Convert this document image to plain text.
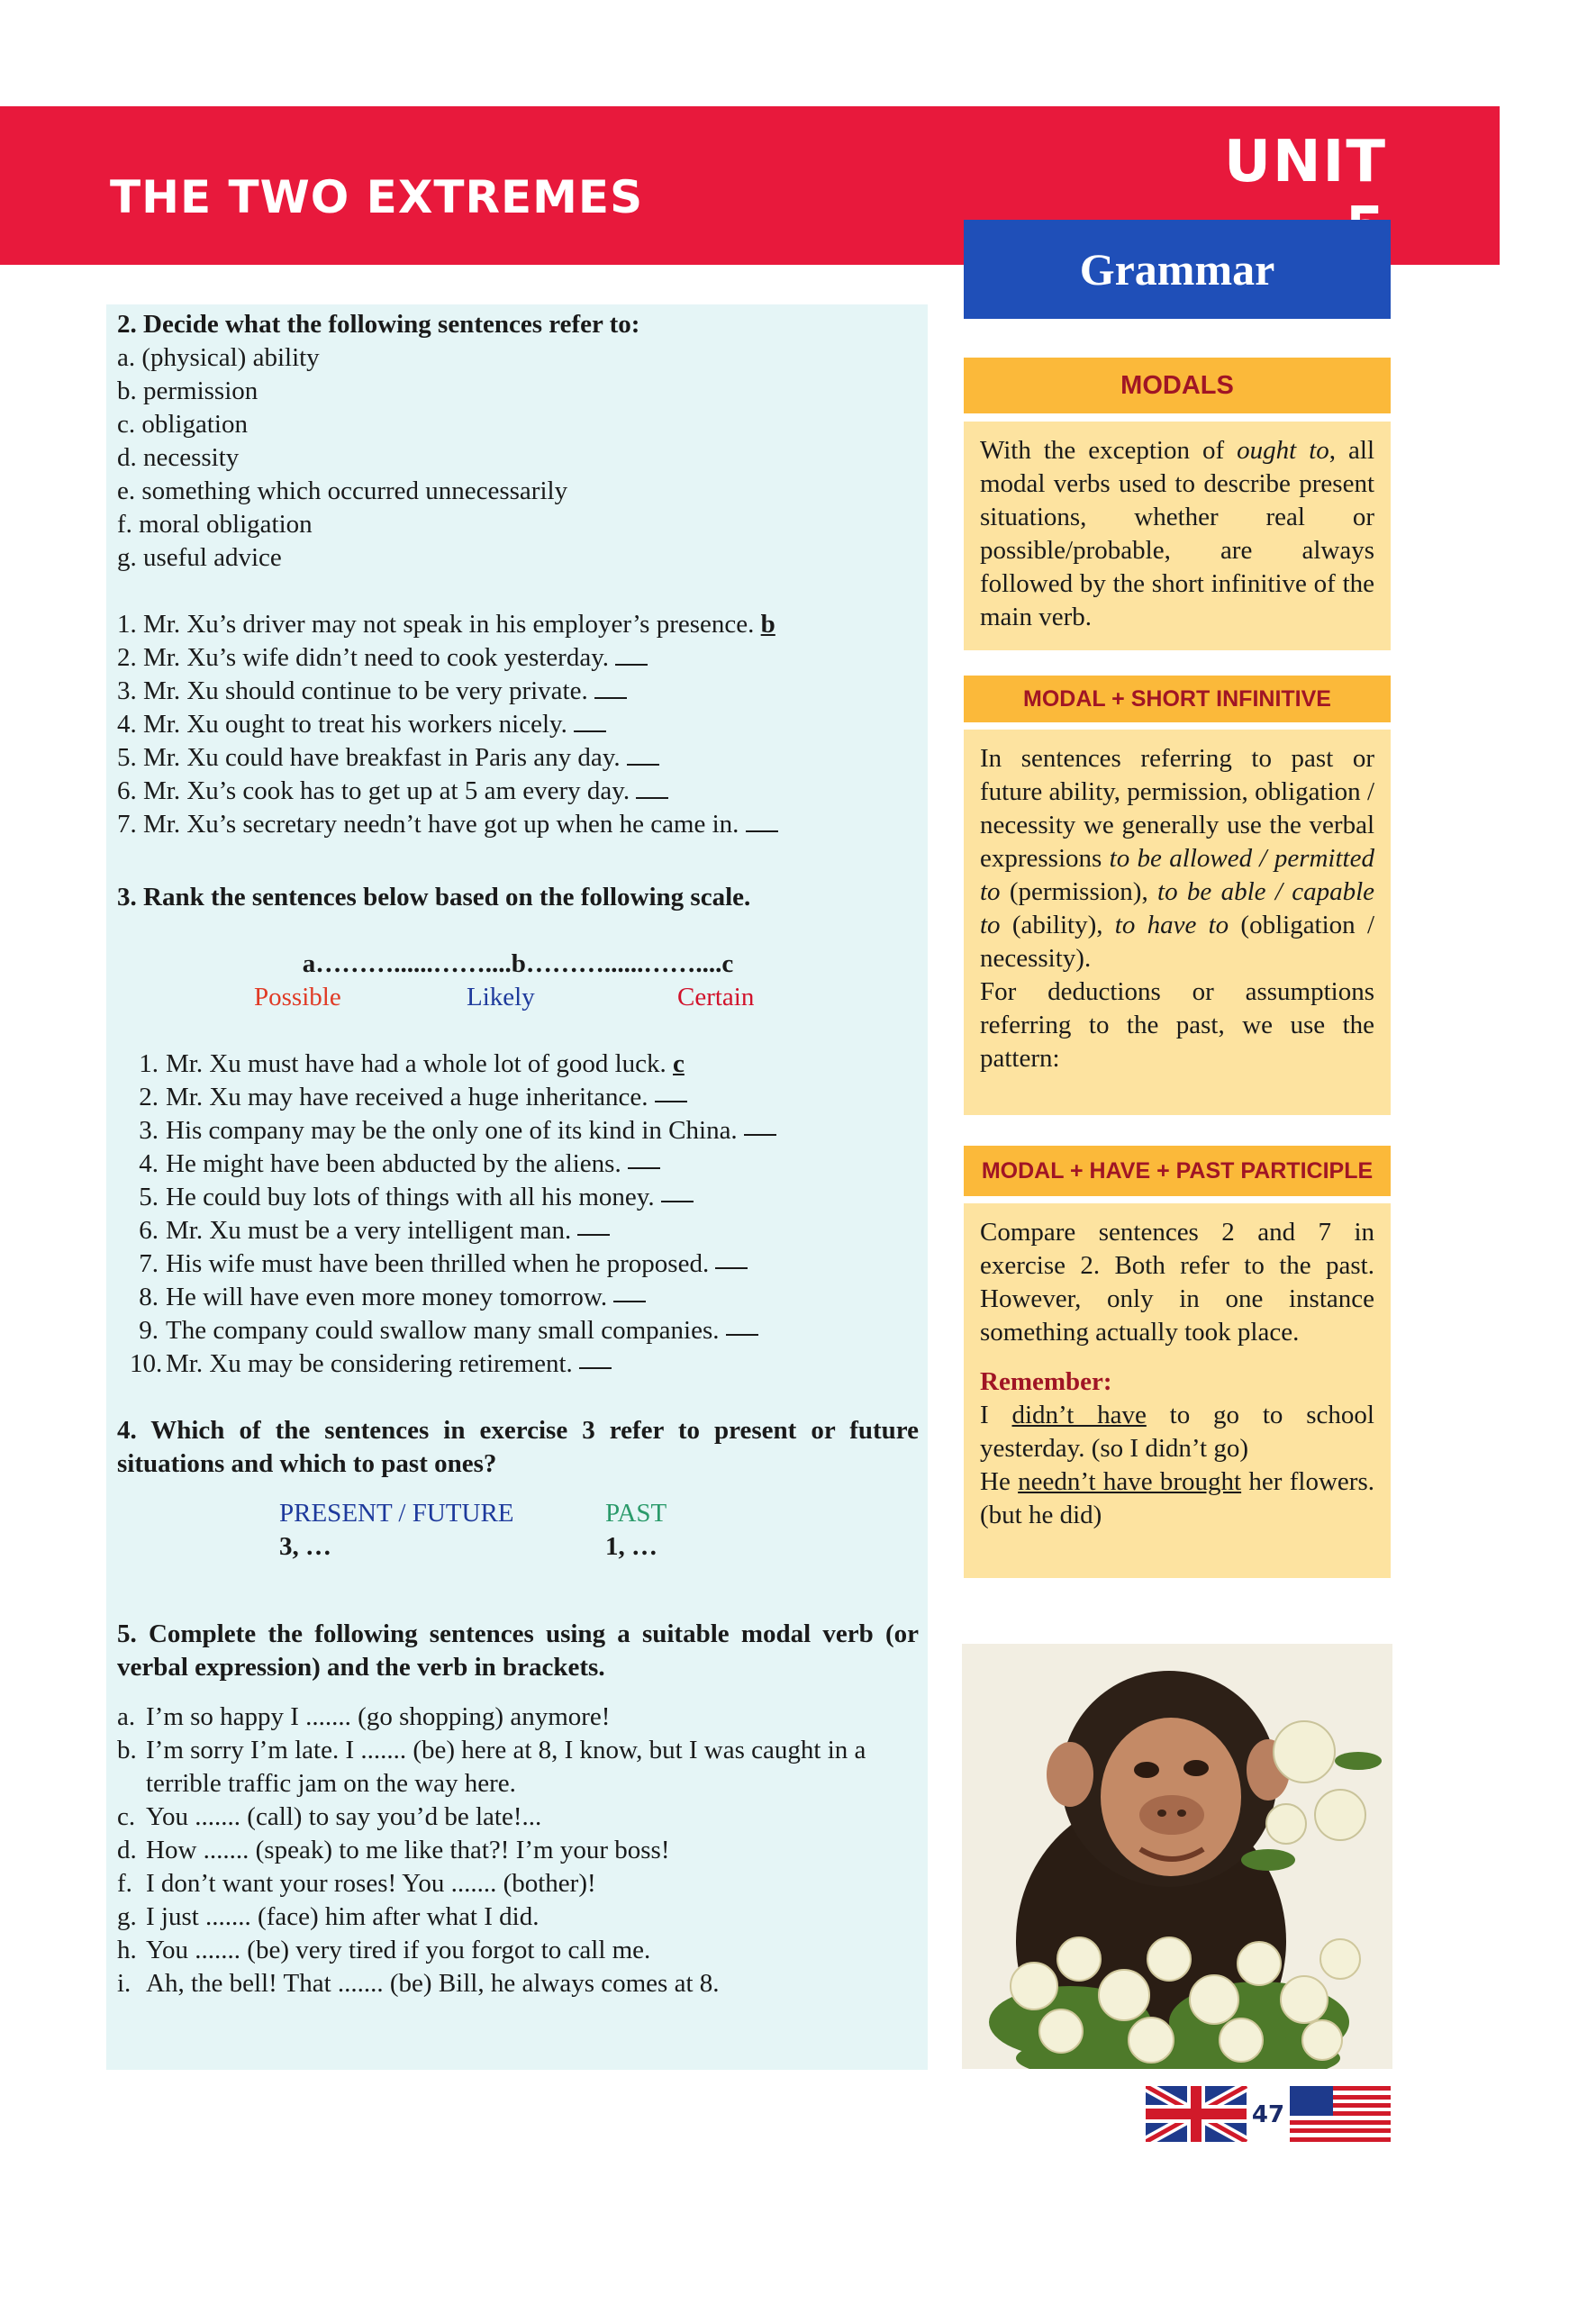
THE TWO EXTREMES
UNIT
Grammar

2. Decide what the following sentences refer to:

a. (physical) ability

b. permission

c. obligation

d. necessity

e. something which occurred unnecessarily

f. moral obligation

g. useful advice

1. Mr. Xu’s driver may not speak in his employer’s presence. b

2. Mr. Xu’s wife didn’t need to cook yesterday.

3. Mr. Xu should continue to be very private.

4. Mr. Xu ought to treat his workers nicely.

5. Mr. Xu could have breakfast in Paris any day.

6. Mr. Xu’s cook has to get up at 5 am every day.

7. Mr. Xu’s secretary needn’t have got up when he came in.

3. Rank the sentences below based on the following scale.

a………......……....b………......……....c

Possible	Likely	Certain

1. Mr. Xu must have had a whole lot of good luck.
c
2. Mr. Xu may have received a huge inheritance.

3. His company may be the only one of its kind in China.

4. He might have been abducted by the aliens.

5. He could buy lots of things with all his money.

6. Mr. Xu must be a very intelligent man.

7. His wife must have been thrilled when he proposed.

8. He will have even more money tomorrow.

9. The company could swallow many small companies.

10. Mr. Xu may be considering retirement.

4. Which of the sentences in exercise 3 refer to present or future situations and which to past ones?

PRESENT / FUTURE
3, …
PAST
1, …

5. Complete the following sentences using a suitable modal verb (or verbal expression) and the verb in brackets.

a. I’m so happy I ....... (go shopping) anymore!
b. I’m sorry I’m late. I ....... (be) here at 8, I know, but I was caught in a terrible traffic jam on the way here.
c. You ....... (call) to say you’d be late!...
d. How ....... (speak) to me like that?! I’m your boss!
f. I don’t want your roses! You ....... (bother)!
g. I just ....... (face) him after what I did.
h. You ....... (be) very tired if you forgot to call me.
i. Ah, the bell! That ....... (be) Bill, he always comes at 8.
MODALS

With the exception of ought to, all modal verbs used to describe present situations, whether real or possible/probable, are always followed by the short infinitive of the main verb.

MODAL + SHORT INFINITIVE

In sentences referring to past or future ability, permission, obligation / necessity we generally use the verbal expressions to be allowed / permitted to (permission), to be able / capable to (ability), to have to (obligation / necessity).

For deductions or assumptions referring to the past, we use the pattern:

MODAL + HAVE + PAST PARTICIPLE

Compare sentences 2 and 7 in exercise 2. Both refer to the past. However, only in one instance something actually took place.

Remember:

I didn’t have to go to school yesterday. (so I didn’t go)

He needn’t have brought her flowers. (but he did)

47
